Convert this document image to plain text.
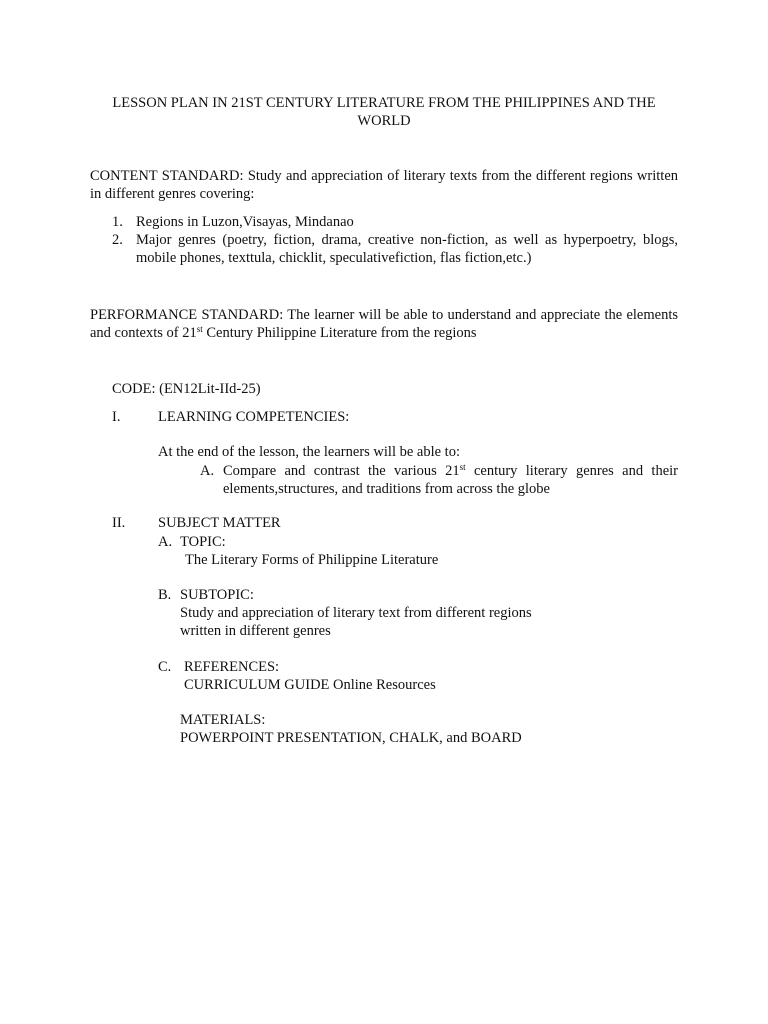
LESSON PLAN IN 21ST CENTURY LITERATURE FROM THE PHILIPPINES AND THE WORLD
CONTENT STANDARD: Study and appreciation of literary texts from the different regions written in different genres covering:
1. Regions in Luzon,Visayas, Mindanao
2. Major genres (poetry, fiction, drama, creative non-fiction, as well as hyperpoetry, blogs, mobile phones, texttula, chicklit, speculativefiction, flas fiction,etc.)
PERFORMANCE STANDARD: The learner will be able to understand and appreciate the elements and contexts of 21st Century Philippine Literature from the regions
CODE: (EN12Lit-IId-25)
I.	LEARNING COMPETENCIES:
At the end of the lesson, the learners will be able to:
A. Compare and contrast the various 21st century literary genres and their elements,structures, and traditions from across the globe
II. SUBJECT MATTER
A. TOPIC:
The Literary Forms of Philippine Literature
B. SUBTOPIC:
Study and appreciation of literary text from different regions
written in different genres
C. REFERENCES:
CURRICULUM GUIDE Online Resources
MATERIALS:
POWERPOINT PRESENTATION, CHALK, and BOARD
